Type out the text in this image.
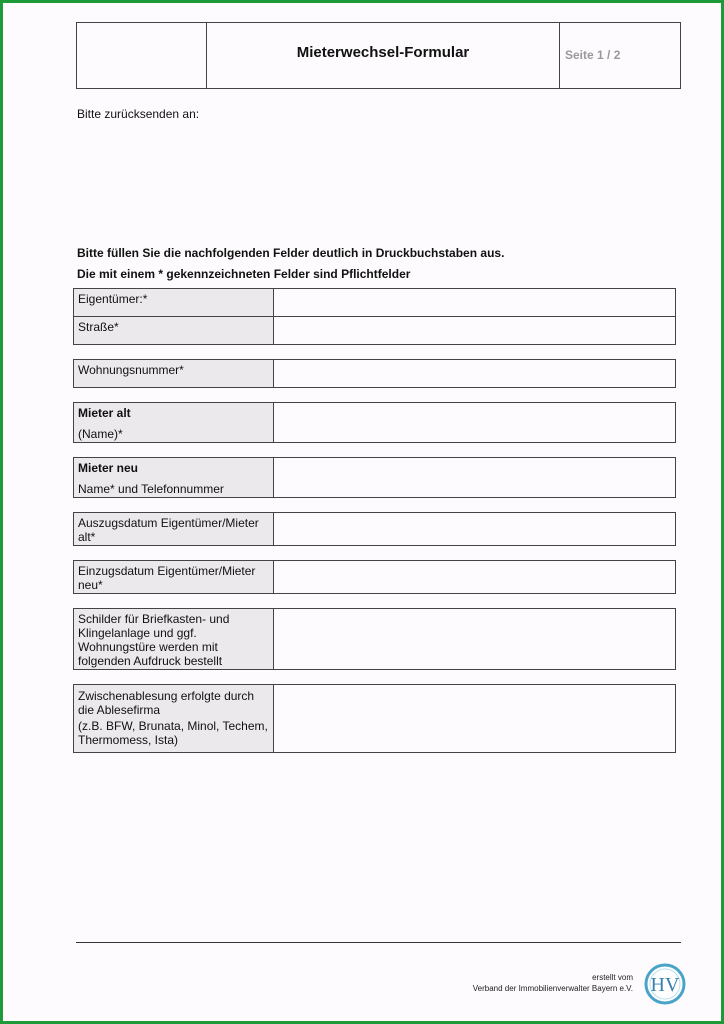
Mieterwechsel-Formular	Seite 1 / 2
Bitte zurücksenden an:
Bitte füllen Sie die nachfolgenden Felder deutlich in Druckbuchstaben aus.
Die mit einem * gekennzeichneten Felder sind Pflichtfelder
Eigentümer:*
Straße*
Wohnungsnummer*
Mieter alt
(Name)*
Mieter neu
Name* und Telefonnummer
Auszugsdatum Eigentümer/Mieter alt*
Einzugsdatum Eigentümer/Mieter neu*
Schilder für Briefkasten- und Klingelanlage und ggf. Wohnungstüre werden mit folgenden Aufdruck bestellt
Zwischenablesung erfolgte durch die Ablesefirma
(z.B. BFW, Brunata, Minol, Techem, Thermomess, Ista)
erstellt vom
Verband der Immobilienverwalter Bayern e.V. HV
